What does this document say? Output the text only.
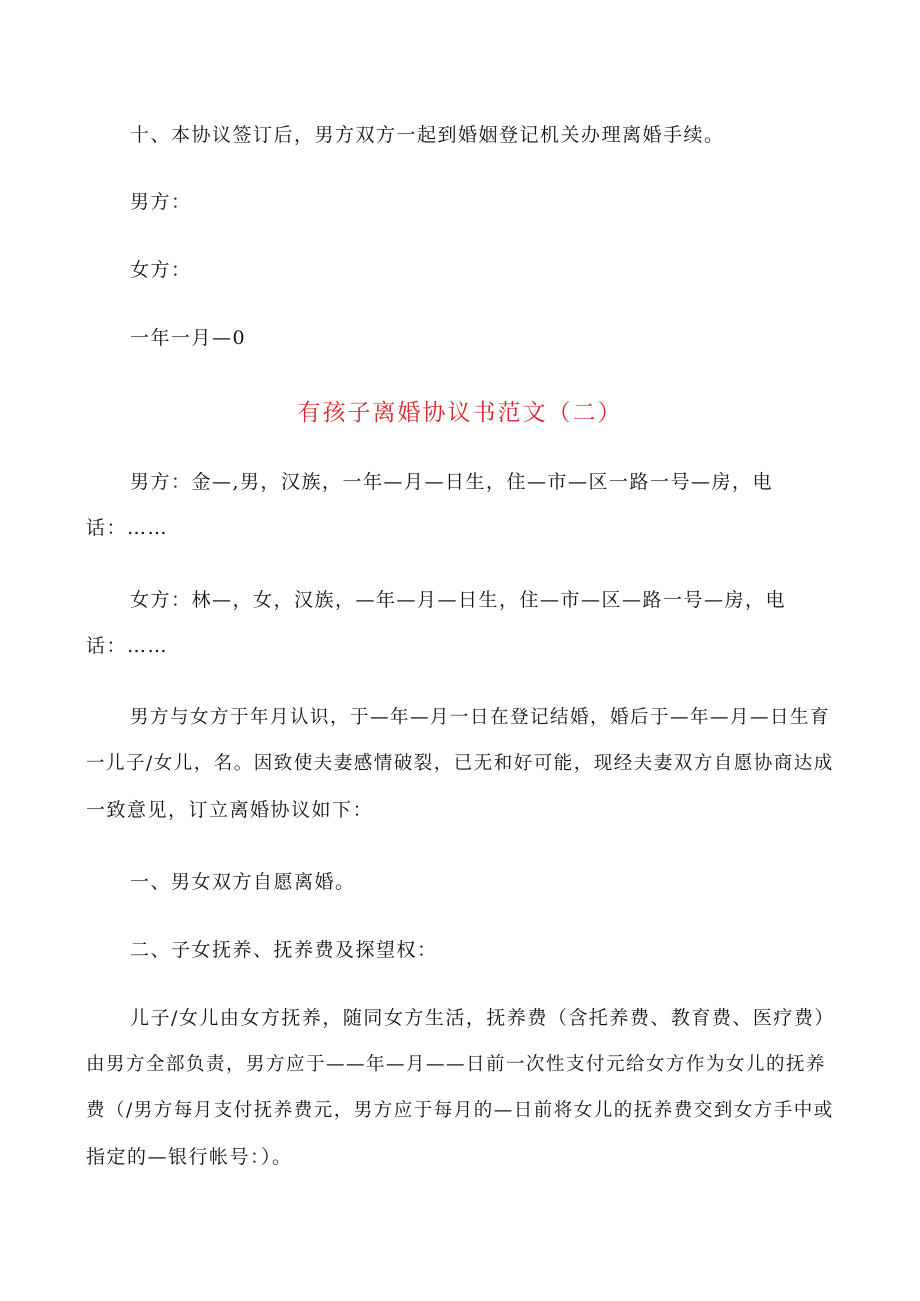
十、本协议签订后，男方双方一起到婚姻登记机关办理离婚手续。
男方：
女方：
一年一月—0
有孩子离婚协议书范文（二）
男方：金—,男，汉族，一年—月—日生，住—市—区一路一号—房，电
话：……
女方：林—，女，汉族，—年—月—日生，住—市—区—路一号—房，电
话：……
男方与女方于年月认识，于—年—月一日在登记结婚，婚后于—年—月—日生育
一儿子/女儿，名。因致使夫妻感情破裂，已无和好可能，现经夫妻双方自愿协商达成
一致意见，订立离婚协议如下：
一、男女双方自愿离婚。
二、子女抚养、抚养费及探望权：
儿子/女儿由女方抚养，随同女方生活，抚养费（含托养费、教育费、医疗费）
由男方全部负责，男方应于——年—月——日前一次性支付元给女方作为女儿的抚养
费（/男方每月支付抚养费元，男方应于每月的—日前将女儿的抚养费交到女方手中或
指定的—银行帐号：）。
